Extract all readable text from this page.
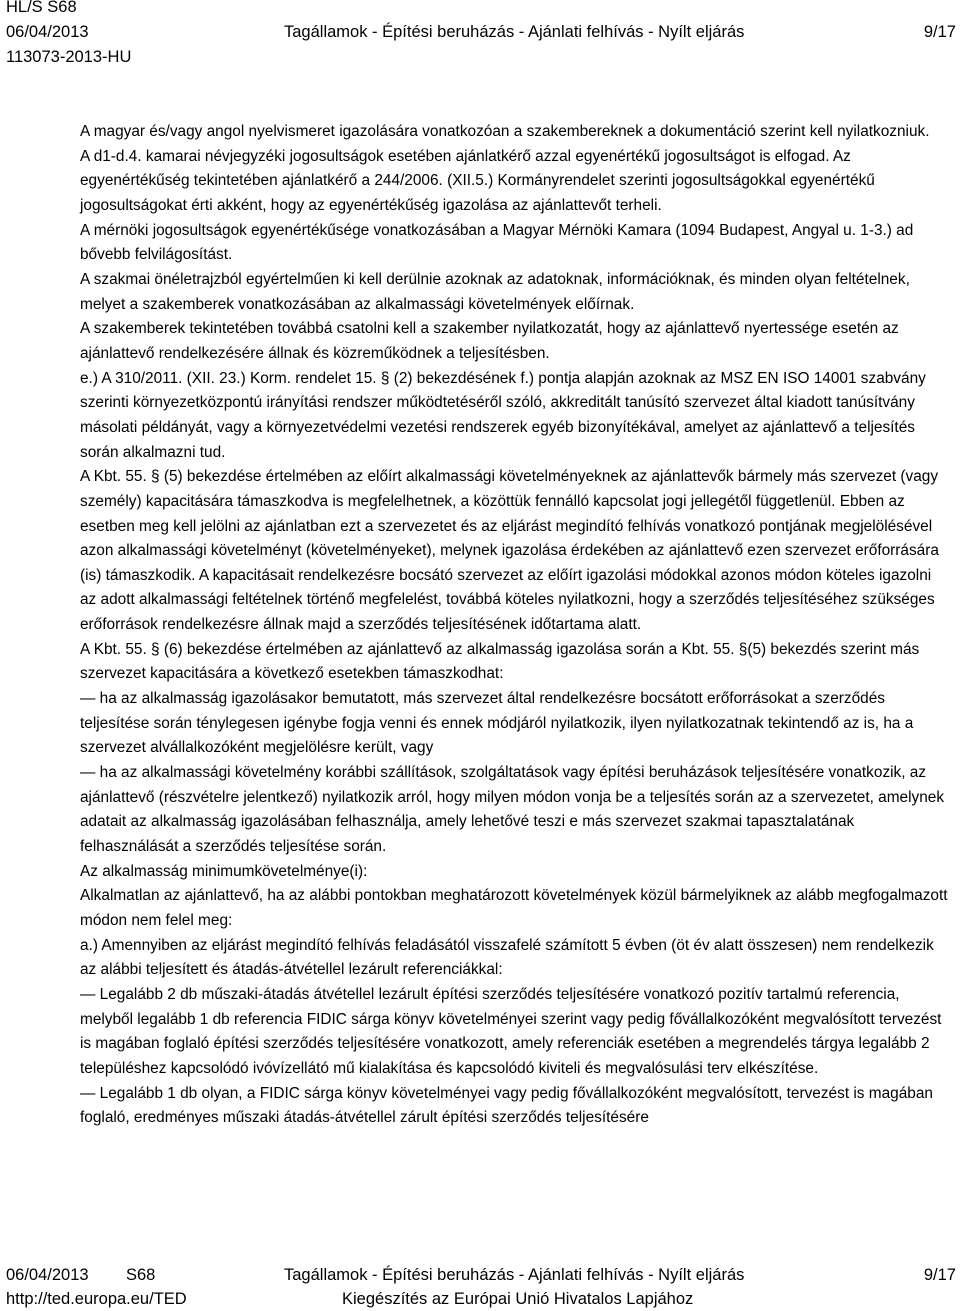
HL/S S68
06/04/2013	Tagállamok - Építési beruházás - Ajánlati felhívás - Nyílt eljárás	9/17
113073-2013-HU

A magyar és/vagy angol nyelvismeret igazolására vonatkozóan a szakembereknek a dokumentáció szerint kell nyilatkozniuk.

A d1-d.4. kamarai névjegyzéki jogosultságok esetében ajánlatkérő azzal egyenértékű jogosultságot is elfogad. Az egyenértékűség tekintetében ajánlatkérő a 244/2006. (XII.5.) Kormányrendelet szerinti jogosultságokkal egyenértékű jogosultságokat érti akként, hogy az egyenértékűség igazolása az ajánlattevőt terheli.

A mérnöki jogosultságok egyenértékűsége vonatkozásában a Magyar Mérnöki Kamara (1094 Budapest, Angyal u. 1-3.) ad bővebb felvilágosítást.

A szakmai önéletrajzból egyértelműen ki kell derülnie azoknak az adatoknak, információknak, és minden olyan feltételnek, melyet a szakemberek vonatkozásában az alkalmassági követelmények előírnak.

A szakemberek tekintetében továbbá csatolni kell a szakember nyilatkozatát, hogy az ajánlattevő nyertessége esetén az ajánlattevő rendelkezésére állnak és közreműködnek a teljesítésben.

e.) A 310/2011. (XII. 23.) Korm. rendelet 15. § (2) bekezdésének f.) pontja alapján azoknak az MSZ EN ISO 14001 szabvány szerinti környezetközpontú irányítási rendszer működtetéséről szóló, akkreditált tanúsító szervezet által kiadott tanúsítvány másolati példányát, vagy a környezetvédelmi vezetési rendszerek egyéb bizonyítékával, amelyet az ajánlattevő a teljesítés során alkalmazni tud.

A Kbt. 55. § (5) bekezdése értelmében az előírt alkalmassági követelményeknek az ajánlattevők bármely más szervezet (vagy személy) kapacitására támaszkodva is megfelelhetnek, a közöttük fennálló kapcsolat jogi jellegétől függetlenül. Ebben az esetben meg kell jelölni az ajánlatban ezt a szervezetet és az eljárást megindító felhívás vonatkozó pontjának megjelölésével azon alkalmassági követelményt (követelményeket), melynek igazolása érdekében az ajánlattevő ezen szervezet erőforrására (is) támaszkodik. A kapacitásait rendelkezésre bocsátó szervezet az előírt igazolási módokkal azonos módon köteles igazolni az adott alkalmassági feltételnek történő megfelelést, továbbá köteles nyilatkozni, hogy a szerződés teljesítéséhez szükséges erőforrások rendelkezésre állnak majd a szerződés teljesítésének időtartama alatt.

A Kbt. 55. § (6) bekezdése értelmében az ajánlattevő az alkalmasság igazolása során a Kbt. 55. §(5) bekezdés szerint más szervezet kapacitására a következő esetekben támaszkodhat:

— ha az alkalmasság igazolásakor bemutatott, más szervezet által rendelkezésre bocsátott erőforrásokat a szerződés teljesítése során ténylegesen igénybe fogja venni és ennek módjáról nyilatkozik, ilyen nyilatkozatnak tekintendő az is, ha a szervezet alvállalkozóként megjelölésre került, vagy

— ha az alkalmassági követelmény korábbi szállítások, szolgáltatások vagy építési beruházások teljesítésére vonatkozik, az ajánlattevő (részvételre jelentkező) nyilatkozik arról, hogy milyen módon vonja be a teljesítés során az a szervezetet, amelynek adatait az alkalmasság igazolásában felhasználja, amely lehetővé teszi e más szervezet szakmai tapasztalatának felhasználását a szerződés teljesítése során.

Az alkalmasság minimumkövetelménye(i):

Alkalmatlan az ajánlattevő, ha az alábbi pontokban meghatározott követelmények közül bármelyiknek az alább megfogalmazott módon nem felel meg:

a.) Amennyiben az eljárást megindító felhívás feladásától visszafelé számított 5 évben (öt év alatt összesen) nem rendelkezik az alábbi teljesített és átadás-átvétellel lezárult referenciákkal:

— Legalább 2 db műszaki-átadás átvétellel lezárult építési szerződés teljesítésére vonatkozó pozitív tartalmú referencia, melyből legalább 1 db referencia FIDIC sárga könyv követelményei szerint vagy pedig fővállalkozóként megvalósított tervezést is magában foglaló építési szerződés teljesítésére vonatkozott, amely referenciák esetében a megrendelés tárgya legalább 2 településhez kapcsolódó ivóvízellátó mű kialakítása és kapcsolódó kiviteli és megvalósulási terv elkészítése.

— Legalább 1 db olyan, a FIDIC sárga könyv követelményei vagy pedig fővállalkozóként megvalósított, tervezést is magában foglaló, eredményes műszaki átadás-átvétellel zárult építési szerződés teljesítésére

06/04/2013 S68	Tagállamok - Építési beruházás - Ajánlati felhívás - Nyílt eljárás	9/17
http://ted.europa.eu/TED	Kiegészítés az Európai Unió Hivatalos Lapjához
